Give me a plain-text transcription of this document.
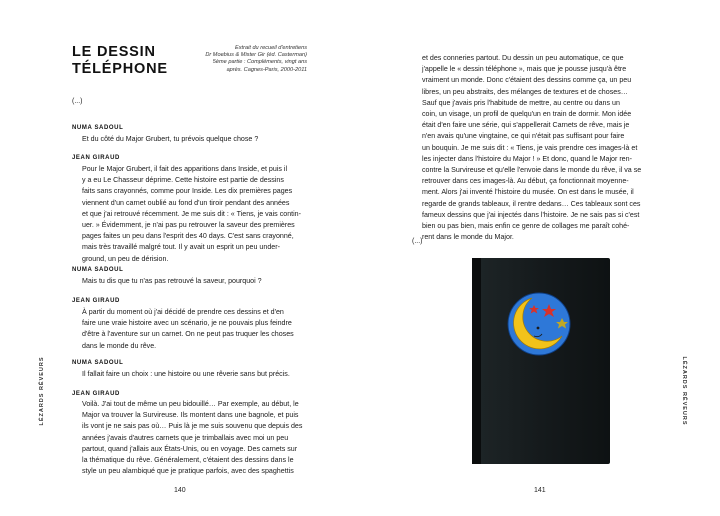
LE DESSIN
TÉLÉPHONE
Extrait du recueil d'entretiens
Dr Moebius & Mister Gir (éd. Casterman)
5ème partie : Compléments, vingt ans
après. Cagnes-Paris, 2000-2011
(...)
NUMA SADOUL
Et du côté du Major Grubert, tu prévois quelque chose ?
JEAN GIRAUD
Pour le Major Grubert, il fait des apparitions dans Inside, et puis il
y a eu Le Chasseur déprime. Cette histoire est partie de dessins
faits sans crayonnés, comme pour Inside. Les dix premières pages
viennent d'un carnet oublié au fond d'un tiroir pendant des années
et que j'ai retrouvé récemment. Je me suis dit : « Tiens, je vais contin-
uer. » Évidemment, je n'ai pas pu retrouver la saveur des premières
pages faites un peu dans l'esprit des 40 days. C'est sans crayonné,
mais très travaillé malgré tout. Il y avait un esprit un peu under-
ground, un peu de dérision.
NUMA SADOUL
Mais tu dis que tu n'as pas retrouvé la saveur, pourquoi ?
JEAN GIRAUD
À partir du moment où j'ai décidé de prendre ces dessins et d'en
faire une vraie histoire avec un scénario, je ne pouvais plus feindre
d'être à l'aventure sur un carnet. On ne peut pas truquer les choses
dans le monde du rêve.
NUMA SADOUL
Il fallait faire un choix : une histoire ou une rêverie sans but précis.
JEAN GIRAUD
Voilà. J'ai tout de même un peu bidouillé… Par exemple, au début, le
Major va trouver la Survireuse. Ils montent dans une bagnole, et puis
ils vont je ne sais pas où… Puis là je me suis souvenu que depuis des
années j'avais d'autres carnets que je trimballais avec moi un peu
partout, quand j'allais aux États-Unis, ou en voyage. Des carnets sur
la thématique du rêve. Généralement, c'étaient des dessins dans le
style un peu alambiqué que je pratique parfois, avec des spaghettis
140
LÉZARDS RÊVEURS
et des conneries partout. Du dessin un peu automatique, ce que
j'appelle le « dessin téléphone », mais que je pousse jusqu'à être
vraiment un monde. Donc c'étaient des dessins comme ça, un peu
libres, un peu abstraits, des mélanges de textures et de choses…
Sauf que j'avais pris l'habitude de mettre, au centre ou dans un
coin, un visage, un profil de quelqu'un en train de dormir. Mon idée
était d'en faire une série, qui s'appellerait Carnets de rêve, mais je
n'en avais qu'une vingtaine, ce qui n'était pas suffisant pour faire
un bouquin. Je me suis dit : « Tiens, je vais prendre ces images-là et
les injecter dans l'histoire du Major ! » Et donc, quand le Major ren-
contre la Survireuse et qu'elle l'envoie dans le monde du rêve, il va se
retrouver dans ces images-là. Au début, ça fonctionnait moyenne-
ment. Alors j'ai inventé l'histoire du musée. On est dans le musée, il
regarde de grands tableaux, il rentre dedans… Ces tableaux sont ces
fameux dessins que j'ai injectés dans l'histoire. Je ne sais pas si c'est
bien ou pas bien, mais enfin ce genre de collages me paraît cohé-
rent dans le monde du Major.
(...)
141
LÉZARDS RÊVEURS
